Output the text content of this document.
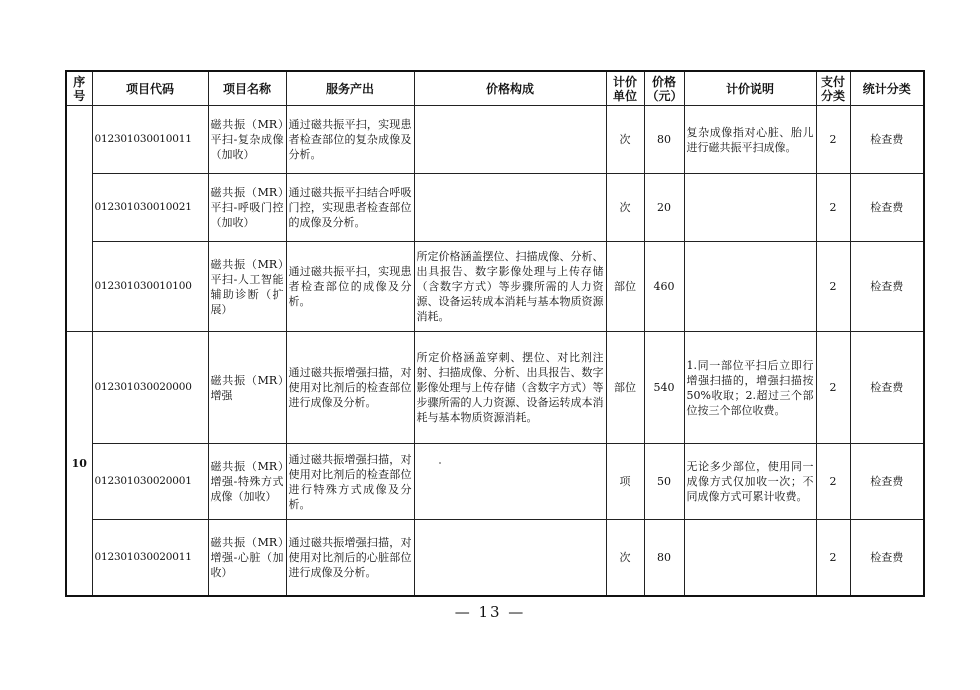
序号	项目代码	项目名称	服务产出	价格构成	计价单位	价格（元）	计价说明	支付分类	统计分类
	012301030010011	磁共振（MR）平扫-复杂成像（加收）	通过磁共振平扫，实现患者检查部位的复杂成像及分析。		次	80	复杂成像指对心脏、胎儿进行磁共振平扫成像。	2	检查费
	012301030010021	磁共振（MR）平扫-呼吸门控（加收）	通过磁共振平扫结合呼吸门控，实现患者检查部位的成像及分析。		次	20		2	检查费
	012301030010100	磁共振（MR）平扫-人工智能辅助诊断（扩展）	通过磁共振平扫，实现患者检查部位的成像及分析。	所定价格涵盖摆位、扫描成像、分析、出具报告、数字影像处理与上传存储（含数字方式）等步骤所需的人力资源、设备运转成本消耗与基本物质资源消耗。	部位	460		2	检查费
10	012301030020000	磁共振（MR）增强	通过磁共振增强扫描，对使用对比剂后的检查部位进行成像及分析。	所定价格涵盖穿刺、摆位、对比剂注射、扫描成像、分析、出具报告、数字影像处理与上传存储（含数字方式）等步骤所需的人力资源、设备运转成本消耗与基本物质资源消耗。	部位	540	1.同一部位平扫后立即行增强扫描的，增强扫描按50%收取；2.超过三个部位按三个部位收费。	2	检查费
	012301030020001	磁共振（MR）增强-特殊方式成像（加收）	通过磁共振增强扫描，对使用对比剂后的检查部位进行特殊方式成像及分析。		项	50	无论多少部位，使用同一成像方式仅加收一次；不同成像方式可累计收费。	2	检查费
	012301030020011	磁共振（MR）增强-心脏（加收）	通过磁共振增强扫描，对使用对比剂后的心脏部位进行成像及分析。		次	80		2	检查费
— 13 —
